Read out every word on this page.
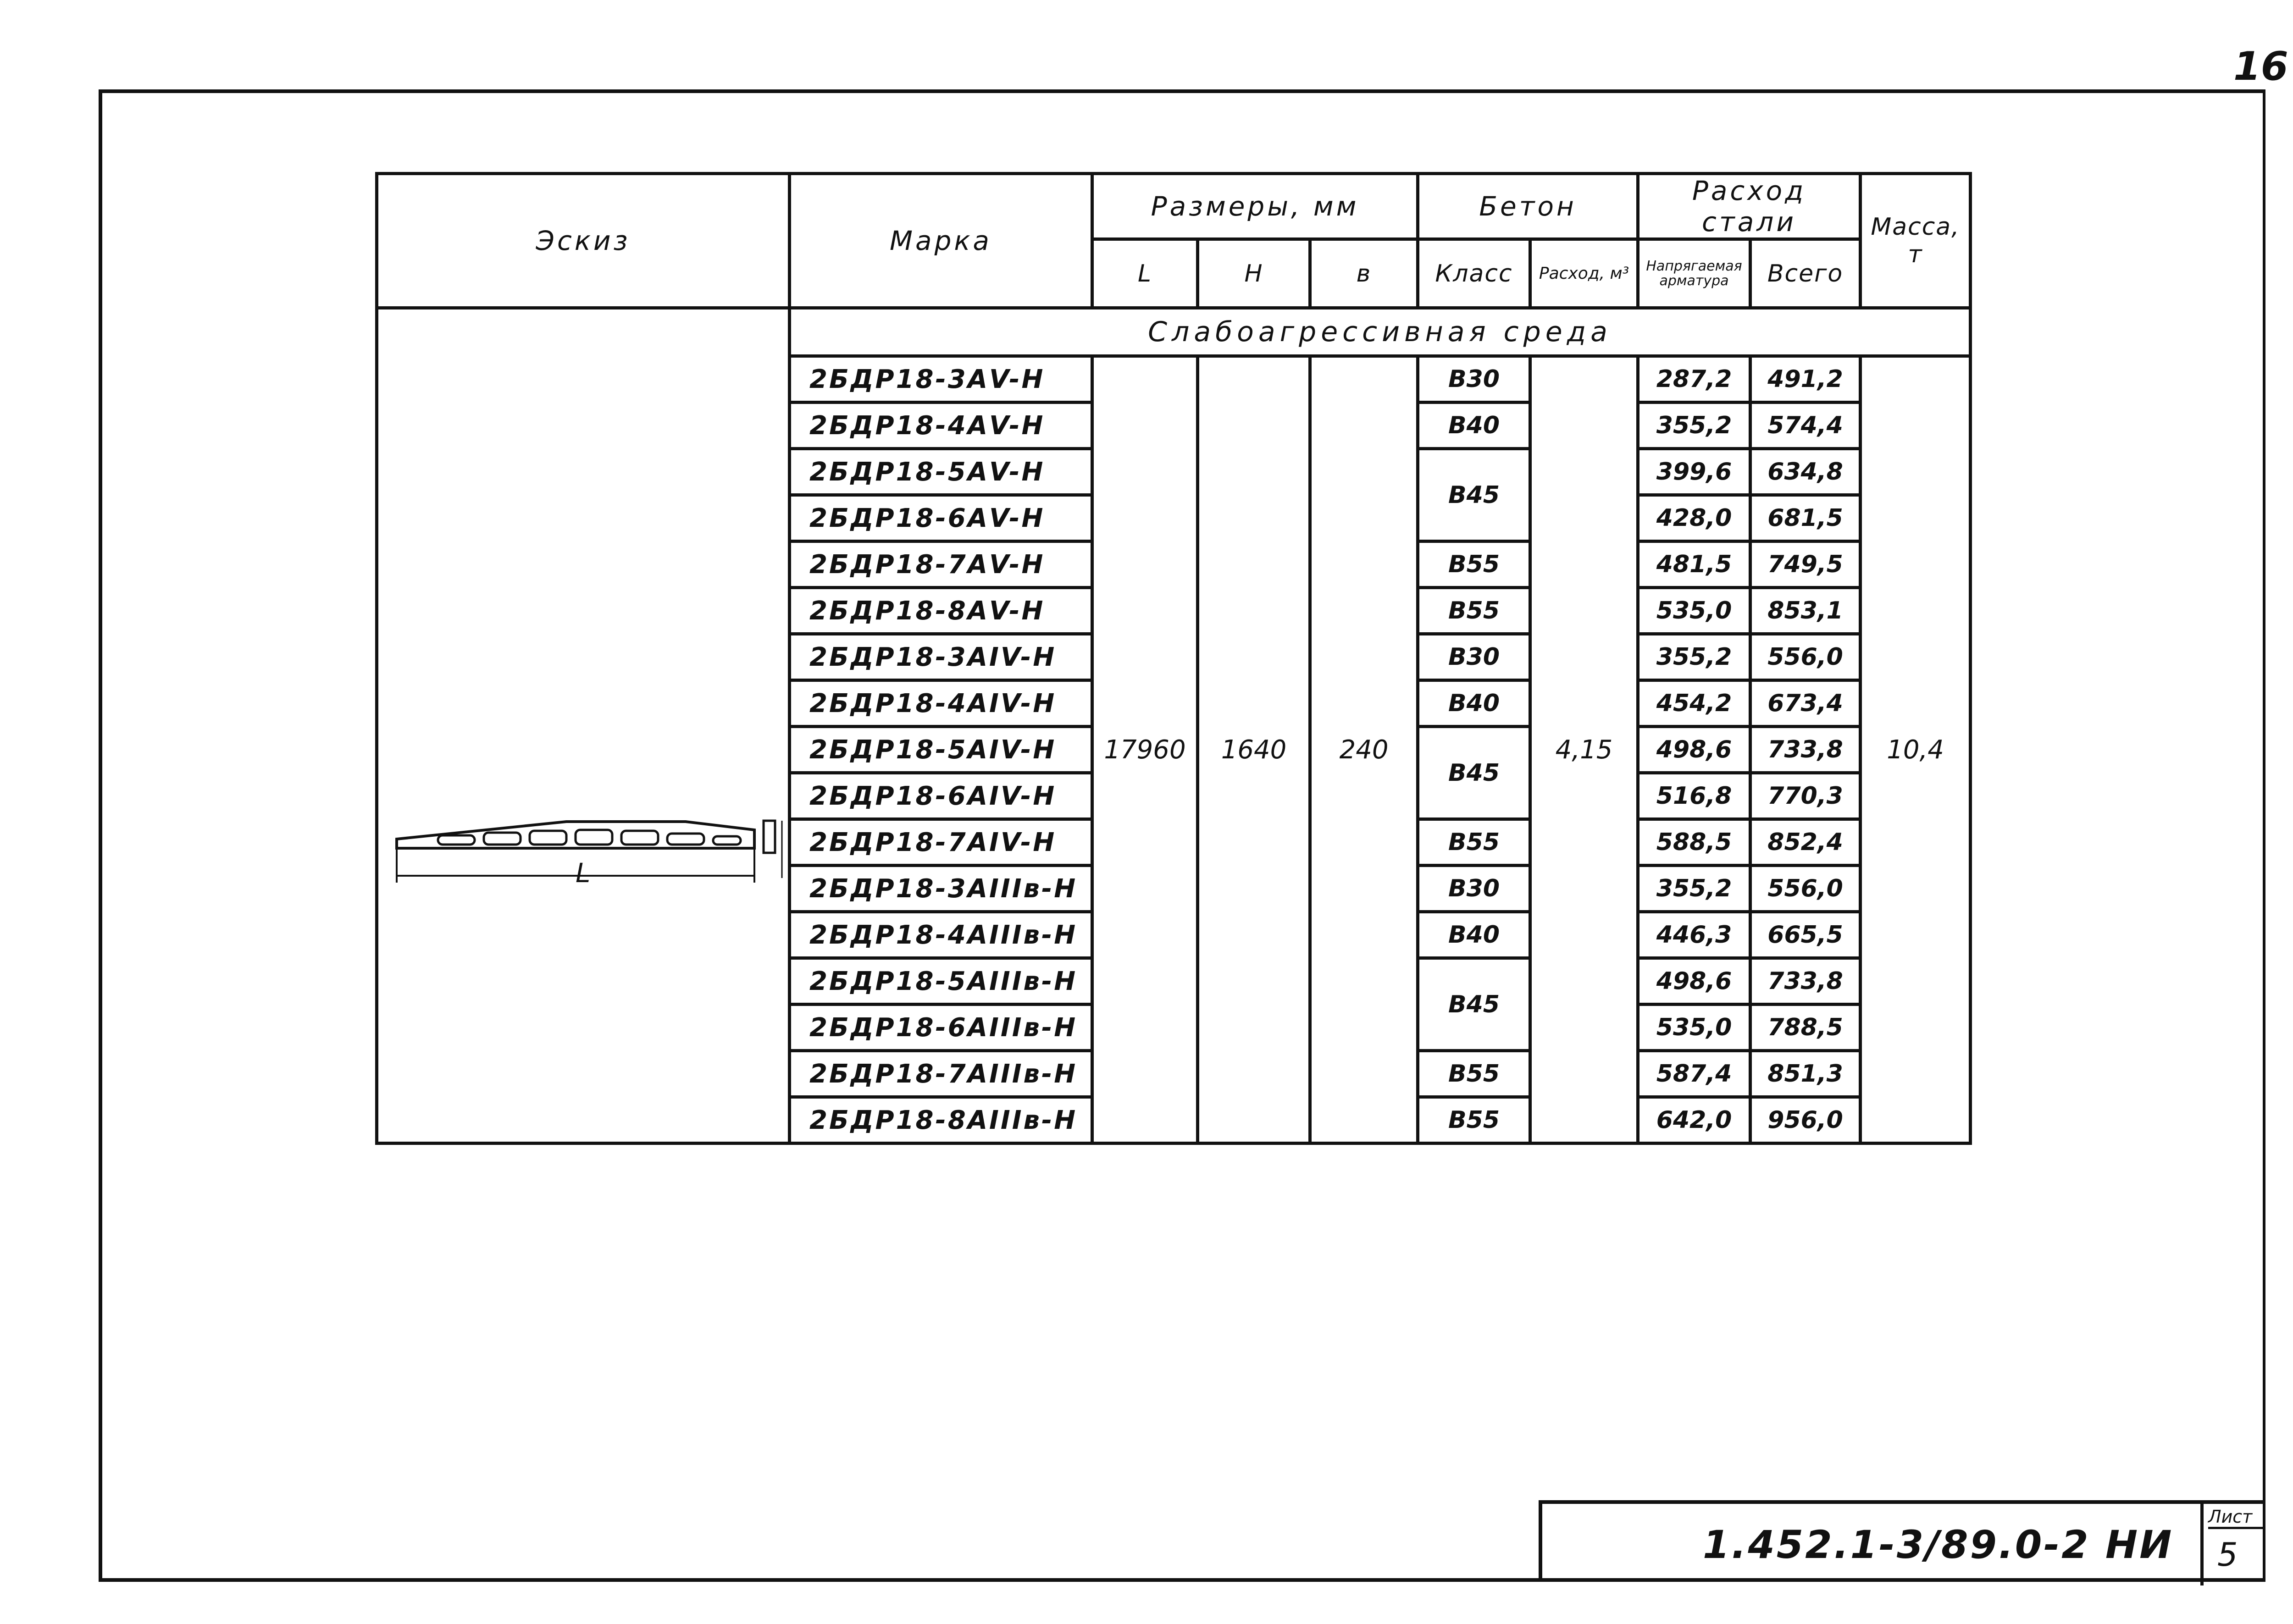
16
Эскиз	Марка	Размеры, мм			Бетон		Расход стали		Масса, т
		L	H	в	Класс	Расход, м³	Напрягаемая арматура	Всего	

L	Слабоагрессивная среда								
	2БДР18-3АV-Н	17960	1640	240	В30	4,15	287,2	491,2	10,4
	2БДР18-4АV-Н				В40		355,2	574,4	
	2БДР18-5АV-Н				В45		399,6	634,8	
	2БДР18-6АV-Н						428,0	681,5	
	2БДР18-7АV-Н				В55		481,5	749,5	
	2БДР18-8АV-Н				В55		535,0	853,1	
	2БДР18-3АIV-Н				В30		355,2	556,0	
	2БДР18-4АIV-Н				В40		454,2	673,4	
	2БДР18-5АIV-Н				В45		498,6	733,8	
	2БДР18-6АIV-Н						516,8	770,3	
	2БДР18-7АIV-Н				В55		588,5	852,4	
	2БДР18-3АIIIв-Н				В30		355,2	556,0	
	2БДР18-4АIIIв-Н				В40		446,3	665,5	
	2БДР18-5АIIIв-Н				В45		498,6	733,8	
	2БДР18-6АIIIв-Н						535,0	788,5	
	2БДР18-7АIIIв-Н				В55		587,4	851,3	
	2БДР18-8АIIIв-Н				В55		642,0	956,0	
1.452.1-3/89.0-2 НИ
Лист
5
